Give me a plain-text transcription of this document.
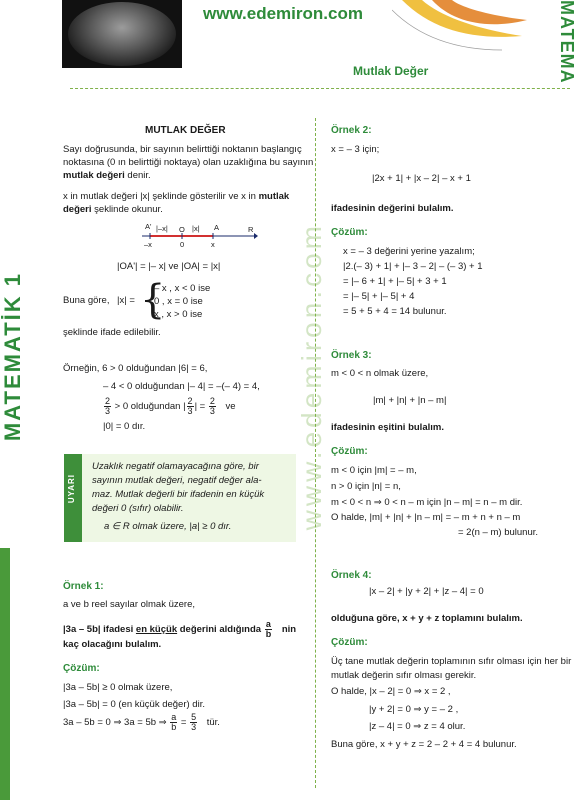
www.edemiron.com
Mutlak Değer	MATEMA
MATEMATİK 1	www.edemiron.com
MUTLAK DEĞER
Sayı doğrusunda, bir sayının belirttiği noktanın başlangıç
noktasına (0 ın belirttiği noktaya) olan uzaklığına bu sayının
mutlak değeri denir.
x in mutlak değeri |x| şeklinde gösterilir ve x in mutlak
değeri şeklinde okunur.
A' |–x| O |x| A	R
–x	0	x
|OA'| = |– x| ve |OA| = |x|
Buna göre, |x| = {
– x , x < 0 ise
0 , x = 0 ise
x , x > 0 ise
şeklinde ifade edilebilir.
Örneğin, 6 > 0 olduğundan |6| = 6,
– 4 < 0 olduğundan |– 4| = –(– 4) = 4,
$\frac{2}{3} > 0$ olduğundan | $\frac{2}{3}$ | = $\frac{2}{3}$ ve
|0| = 0 dır.
UYARI
Uzaklık negatif olamayacağına göre, bir
sayının mutlak değeri, negatif değer ala-
maz. Mutlak değerli bir ifadenin en küçük
değeri 0 (sıfır) olabilir.
a ∈ R olmak üzere, |a| ≥ 0 dır.
Örnek 1:
a ve b reel sayılar olmak üzere,
|3a – 5b| ifadesi en küçük değerini aldığında $\frac{a}{b}$ nin
kaç olacağını bulalım.
Çözüm:
|3a – 5b| ≥ 0 olmak üzere,
|3a – 5b| = 0 (en küçük değer) dir.
3a – 5b = 0 ⇒ 3a = 5b ⇒ $\frac{a}{b} = \frac{5}{3}$ tür.
Örnek 2:
x = – 3 için;
|2x + 1| + |x – 2| – x + 1
ifadesinin değerini bulalım.
Çözüm:
x = – 3 değerini yerine yazalım;
|2.(– 3) + 1| + |– 3 – 2| – (– 3) + 1
= |– 6 + 1| + |– 5| + 3 + 1
= |– 5| + |– 5| + 4
= 5 + 5 + 4 = 14 bulunur.
Örnek 3:
m < 0 < n olmak üzere,
|m| + |n| + |n – m|
ifadesinin eşitini bulalım.
Çözüm:
m < 0 için |m| = – m,
n > 0 için |n| = n,
m < 0 < n ⇒ 0 < n – m için |n – m| = n – m dir.
O halde, |m| + |n| + |n – m| = – m + n + n – m
= 2(n – m) bulunur.
Örnek 4:
|x – 2| + |y + 2| + |z – 4| = 0
olduğuna göre, x + y + z toplamını bulalım.
Çözüm:
Üç tane mutlak değerin toplamının sıfır olması için her bir
mutlak değerin sıfır olması gerekir.
O halde, |x – 2| = 0 ⇒ x = 2 ,
|y + 2| = 0 ⇒ y = – 2 ,
|z – 4| = 0 ⇒ z = 4 olur.
Buna göre, x + y + z = 2 – 2 + 4 = 4 bulunur.
